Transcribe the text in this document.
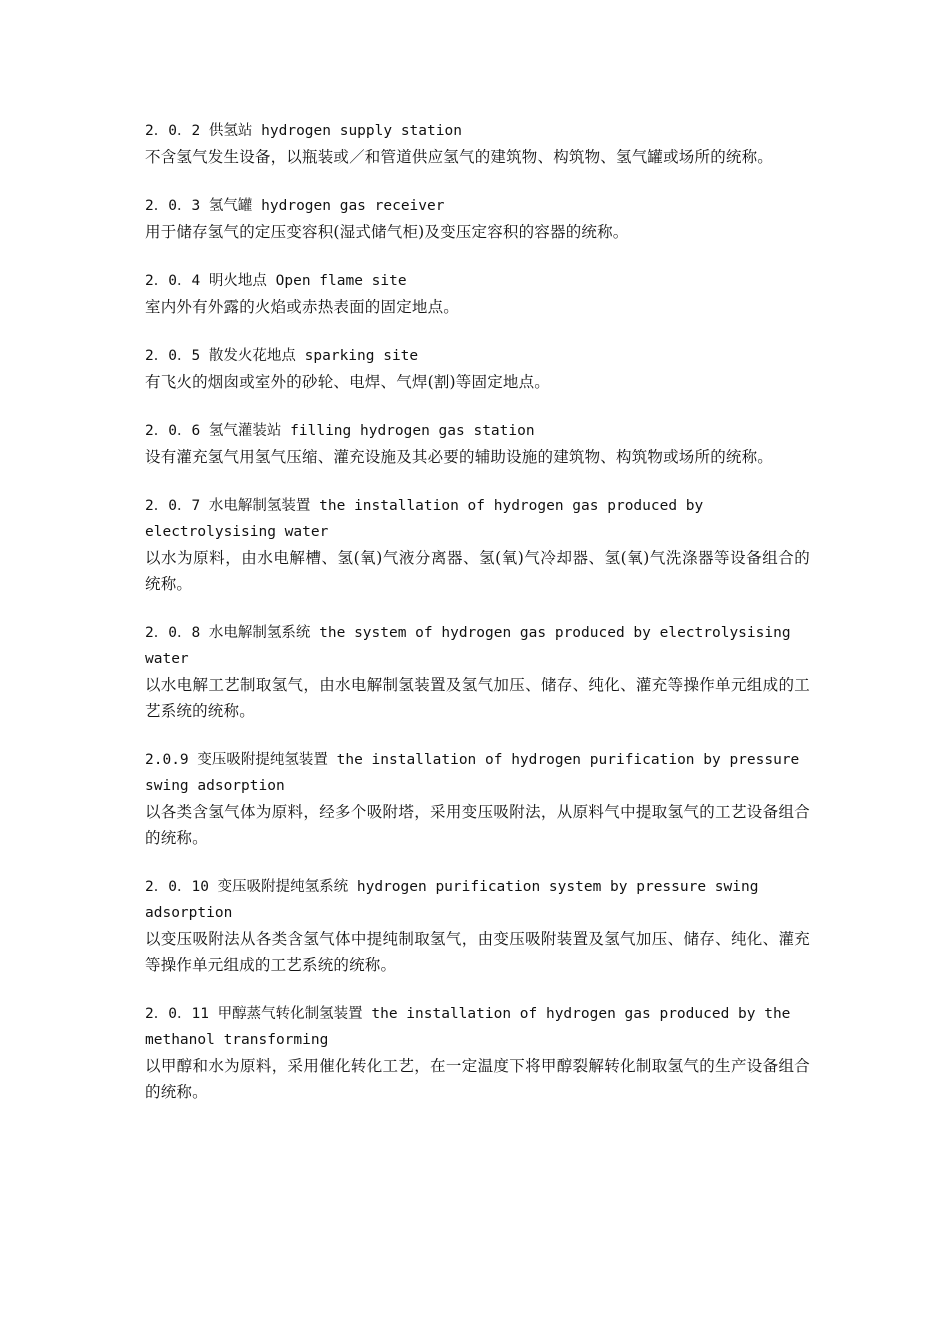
2．0．2 供氢站 hydrogen supply station
不含氢气发生设备，以瓶装或／和管道供应氢气的建筑物、构筑物、氢气罐或场所的统称。
2．0．3 氢气罐 hydrogen gas receiver
用于储存氢气的定压变容积(湿式储气柜)及变压定容积的容器的统称。
2．0．4 明火地点 Open flame site
室内外有外露的火焰或赤热表面的固定地点。
2．0．5 散发火花地点 sparking site
有飞火的烟囱或室外的砂轮、电焊、气焊(割)等固定地点。
2．0．6 氢气灌装站 filling hydrogen gas station
设有灌充氢气用氢气压缩、灌充设施及其必要的辅助设施的建筑物、构筑物或场所的统称。
2．0．7 水电解制氢装置 the installation of hydrogen gas produced by electrolysising water
以水为原料，由水电解槽、氢(氧)气液分离器、氢(氧)气冷却器、氢(氧)气洗涤器等设备组合的统称。
2．0．8 水电解制氢系统 the system of hydrogen gas produced by electrolysising water
以水电解工艺制取氢气，由水电解制氢装置及氢气加压、储存、纯化、灌充等操作单元组成的工艺系统的统称。
2.0.9 变压吸附提纯氢装置 the installation of hydrogen purification by pressure swing adsorption
以各类含氢气体为原料，经多个吸附塔，采用变压吸附法，从原料气中提取氢气的工艺设备组合的统称。
2．0．10 变压吸附提纯氢系统 hydrogen purification system by pressure swing adsorption
以变压吸附法从各类含氢气体中提纯制取氢气，由变压吸附装置及氢气加压、储存、纯化、灌充等操作单元组成的工艺系统的统称。
2．0．11 甲醇蒸气转化制氢装置 the installation of hydrogen gas produced by the methanol transforming
以甲醇和水为原料，采用催化转化工艺，在一定温度下将甲醇裂解转化制取氢气的生产设备组合的统称。
